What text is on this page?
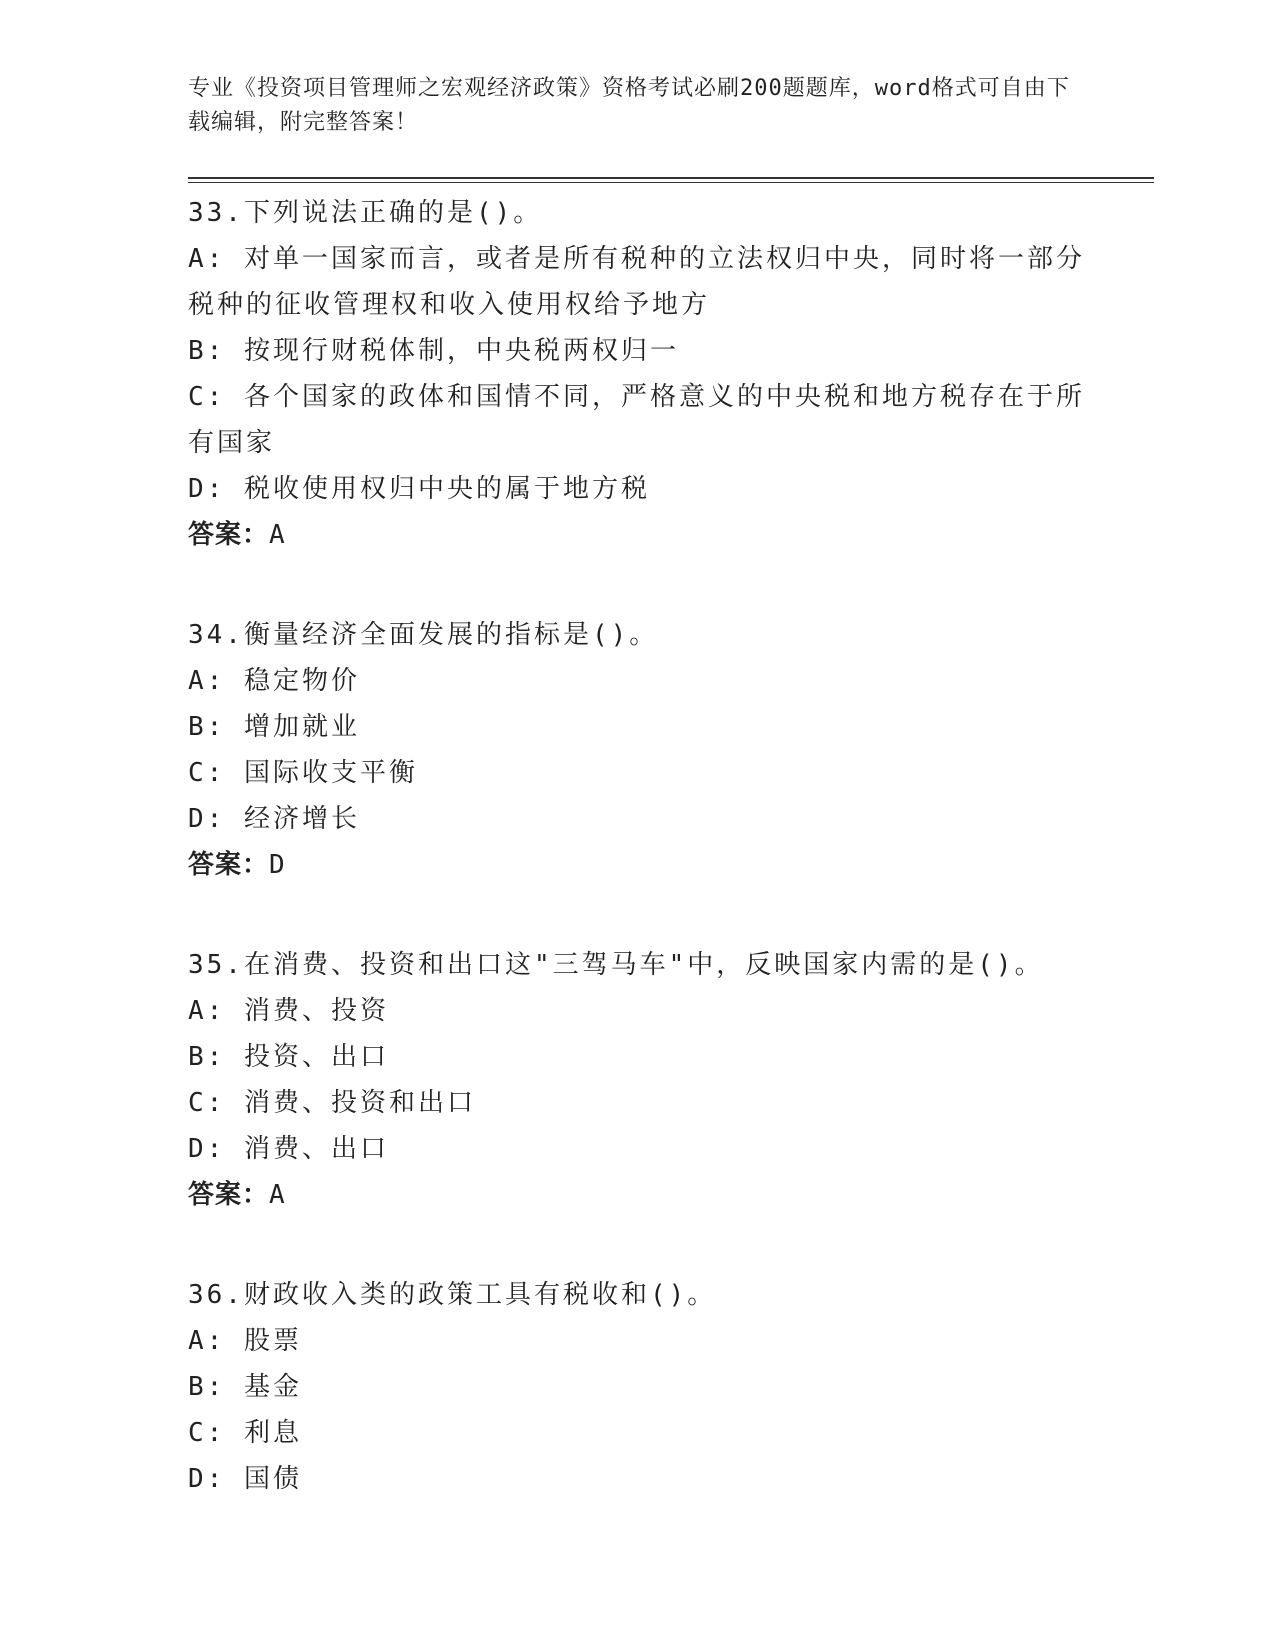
专业《投资项目管理师之宏观经济政策》资格考试必刷200题题库，word格式可自由下载编辑，附完整答案！
33.下列说法正确的是()。
A: 对单一国家而言，或者是所有税种的立法权归中央，同时将一部分税种的征收管理权和收入使用权给予地方
B: 按现行财税体制，中央税两权归一
C: 各个国家的政体和国情不同，严格意义的中央税和地方税存在于所有国家
D: 税收使用权归中央的属于地方税
答案：A
34.衡量经济全面发展的指标是()。
A: 稳定物价
B: 增加就业
C: 国际收支平衡
D: 经济增长
答案：D
35.在消费、投资和出口这"三驾马车"中，反映国家内需的是()。
A: 消费、投资
B: 投资、出口
C: 消费、投资和出口
D: 消费、出口
答案：A
36.财政收入类的政策工具有税收和()。
A: 股票
B: 基金
C: 利息
D: 国债
